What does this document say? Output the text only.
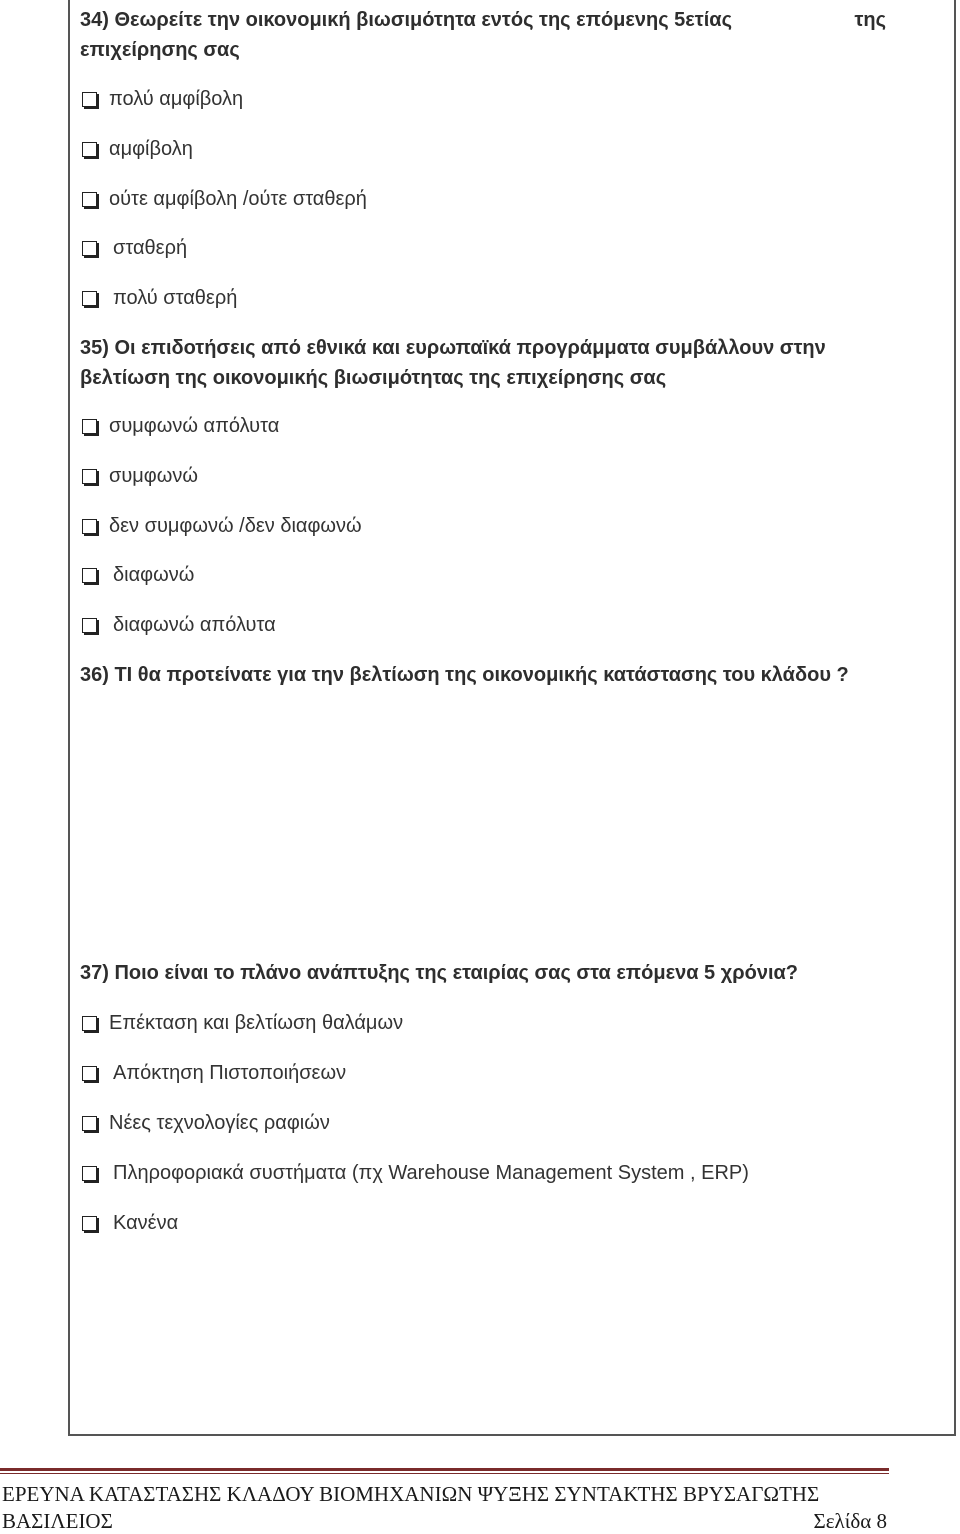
34) Θεωρείτε την οικονομική βιωσιμότητα εντός της επόμενης 5ετίας	της
επιχείρησης σας
πολύ αμφίβολη
αμφίβολη
ούτε αμφίβολη /ούτε σταθερή
σταθερή
πολύ σταθερή
35) Οι επιδοτήσεις από εθνικά και ευρωπαϊκά προγράμματα συμβάλλουν στην
βελτίωση της οικονομικής βιωσιμότητας της επιχείρησης σας
συμφωνώ απόλυτα
συμφωνώ
δεν συμφωνώ /δεν διαφωνώ
διαφωνώ
διαφωνώ απόλυτα
36) ΤΙ θα προτείνατε για την βελτίωση της οικονομικής κατάστασης του κλάδου ?
37) Ποιο είναι το πλάνο ανάπτυξης της εταιρίας σας στα επόμενα 5 χρόνια?
Επέκταση και βελτίωση θαλάμων
Απόκτηση Πιστοποιήσεων
Νέες τεχνολογίες ραφιών
Πληροφοριακά συστήματα (πχ Warehouse Management System , ERP)
Κανένα
ΕΡΕΥΝΑ ΚΑΤΑΣΤΑΣΗΣ ΚΛΑΔΟΥ ΒΙΟΜΗΧΑΝΙΩΝ ΨΥΞΗΣ ΣΥΝΤΑΚΤΗΣ ΒΡΥΣΑΓΩΤΗΣ
ΒΑΣΙΛΕΙΟΣ	Σελίδα 8
